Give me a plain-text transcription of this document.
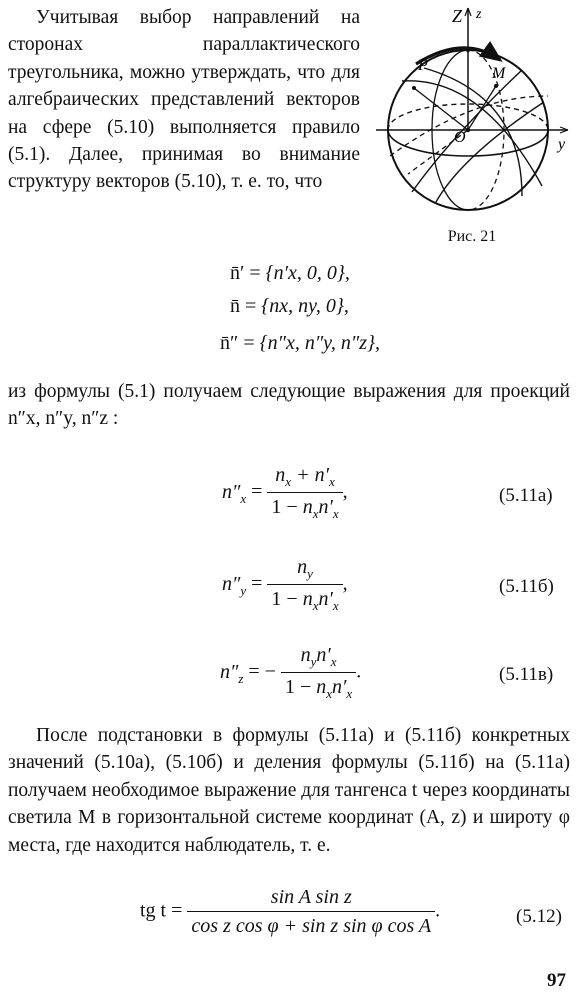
Учитывая выбор направлений на сторонах параллактического треугольника, можно утверждать, что для алгебраических представлений векторов на сфере (5.10) выполняется правило (5.1). Далее, принимая во внимание структуру векторов (5.10), т. е. то, что

Z z
P	M
O	y
Рис. 21
n̄′ = {n′x, 0, 0},
n̄ = {nx, ny, 0},
n̄″ = {n″x, n″y, n″z},

из формулы (5.1) получаем следующие выражения для проекций n″x, n″y, n″z :

$n''_x = \frac{n_x + n'_x}{1 - n_xn'_x}$ ,	(5.11а)
$n''_y = \frac{n_y}{1 - n_xn'_x}$ ,	(5.11б)
$n''_z$ = − $\frac{n_yn'_x}{1 - n_xn'_x}$ .	(5.11в)

После подстановки в формулы (5.11а) и (5.11б) конкретных значений (5.10а), (5.10б) и деления формулы (5.11б) на (5.11а) получаем необходимое выражение для тангенса t через координаты светила M в горизонтальной системе координат (A, z) и широту φ места, где находится наблюдатель, т. е.

tg $t = \frac{\text{sin A sin z}}{\text{cos z cos φ + sin z sin φ cos A}}$ .	(5.12)
97
